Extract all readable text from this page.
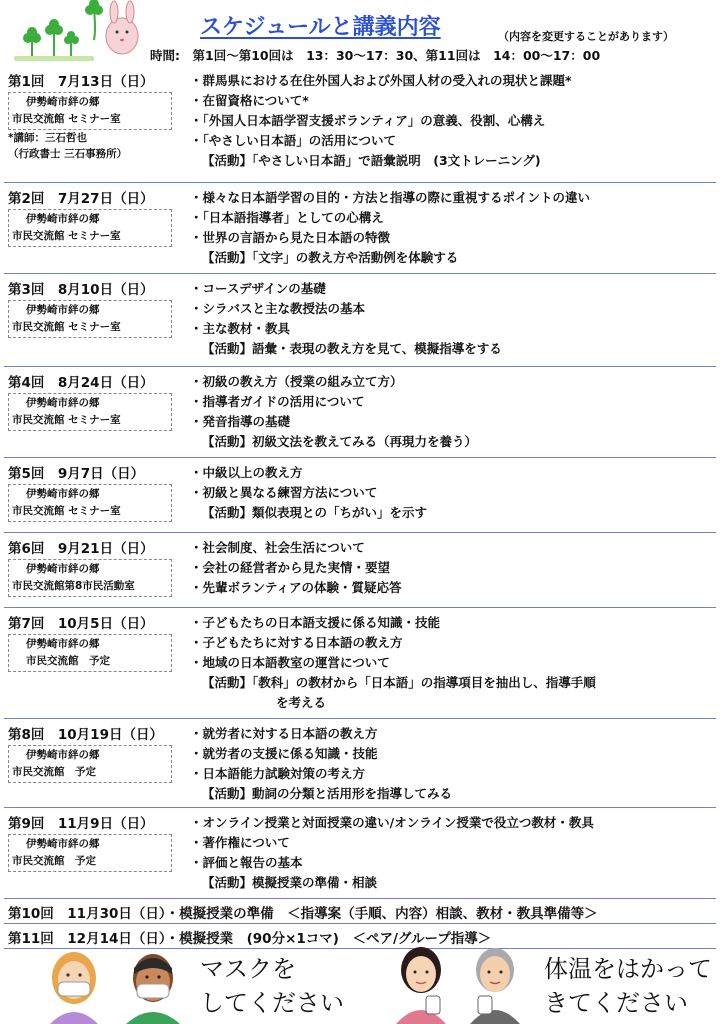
スケジュールと講義内容	（内容を変更することがあります）
時間:　第1回～第10回は　13：30～17：30、第11回は　14：00～17：00
第1回　7月13日（日）
伊勢崎市絆の郷
市民交流館 セミナー室
*講師：三石哲也
（行政書士 三石事務所）
・群馬県における在住外国人および外国人材の受入れの現状と課題*
・在留資格について*
・「外国人日本語学習支援ボランティア」の意義、役割、心構え
・「やさしい日本語」の活用について
【活動】「やさしい日本語」で語彙説明　(3文トレーニング)
第2回　7月27日（日）
伊勢崎市絆の郷
市民交流館 セミナー室
・様々な日本語学習の目的・方法と指導の際に重視するポイントの違い
・「日本語指導者」としての心構え
・世界の言語から見た日本語の特徴
【活動】「文字」の教え方や活動例を体験する
第3回　8月10日（日）
伊勢崎市絆の郷
市民交流館 セミナー室
・コースデザインの基礎
・シラバスと主な教授法の基本
・主な教材・教具
【活動】語彙・表現の教え方を見て、模擬指導をする
第4回　8月24日（日）
伊勢崎市絆の郷
市民交流館 セミナー室
・初級の教え方（授業の組み立て方）
・指導者ガイドの活用について
・発音指導の基礎
【活動】初級文法を教えてみる（再現力を養う）
第5回　9月7日（日）
伊勢崎市絆の郷
市民交流館 セミナー室
・中級以上の教え方
・初級と異なる練習方法について
【活動】類似表現との「ちがい」を示す
第6回　9月21日（日）
伊勢崎市絆の郷
市民交流館第8市民活動室
・社会制度、社会生活について
・会社の経営者から見た実情・要望
・先輩ボランティアの体験・質疑応答
第7回　10月5日（日）
伊勢崎市絆の郷
市民交流館　予定
・子どもたちの日本語支援に係る知識・技能
・子どもたちに対する日本語の教え方
・地域の日本語教室の運営について
【活動】「教科」の教材から「日本語」の指導項目を抽出し、指導手順
を考える
第8回　10月19日（日）
伊勢崎市絆の郷
市民交流館　予定
・就労者に対する日本語の教え方
・就労者の支援に係る知識・技能
・日本語能力試験対策の考え方
【活動】動詞の分類と活用形を指導してみる
第9回　11月9日（日）
伊勢崎市絆の郷
市民交流館　予定
・オンライン授業と対面授業の違い/オンライン授業で役立つ教材・教具
・著作権について
・評価と報告の基本
【活動】模擬授業の準備・相談
第10回　11月30日（日）・模擬授業の準備　＜指導案（手順、内容）相談、教材・教具準備等＞
第11回　12月14日（日）・模擬授業　(90分×1コマ)　＜ペア/グループ指導＞
マスクを
してください
体温をはかって
きてください
